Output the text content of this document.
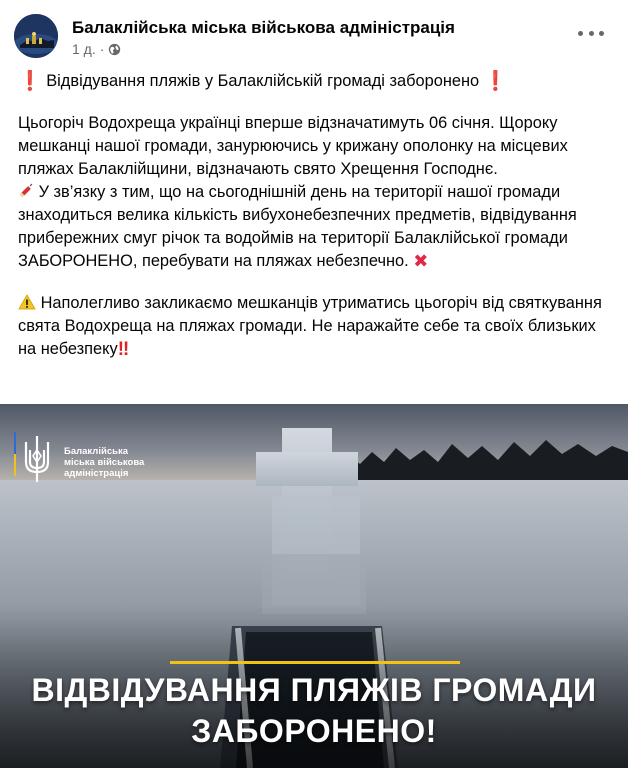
Балаклійська міська військова адміністрація
1 д. ·

❗ Відвідування пляжів у Балаклійській громаді заборонено ❗

Цьогоріч Водохреща українці вперше відзначатимуть 06 січня. Щороку мешканці нашої громади, занурюючись у крижану ополонку на місцевих пляжах Балаклійщини, відзначають свято Хрещення Господнє.
У зв’язку з тим, що на сьогоднішній день на території нашої громади знаходиться велика кількість вибухонебезпечних предметів, відвідування прибережних смуг річок та водоймів на території Балаклійської громади ЗАБОРОНЕНО, перебувати на пляжах небезпечно. ✖

Наполегливо закликаємо мешканців утриматись цьогоріч від святкування свята Водохреща на пляжах громади. Не наражайте себе та своїх близьких на небезпеку‼

Балаклійська
міська військова
адміністрація
ВІДВІДУВАННЯ ПЛЯЖІВ ГРОМАДИ
ЗАБОРОНЕНО!
